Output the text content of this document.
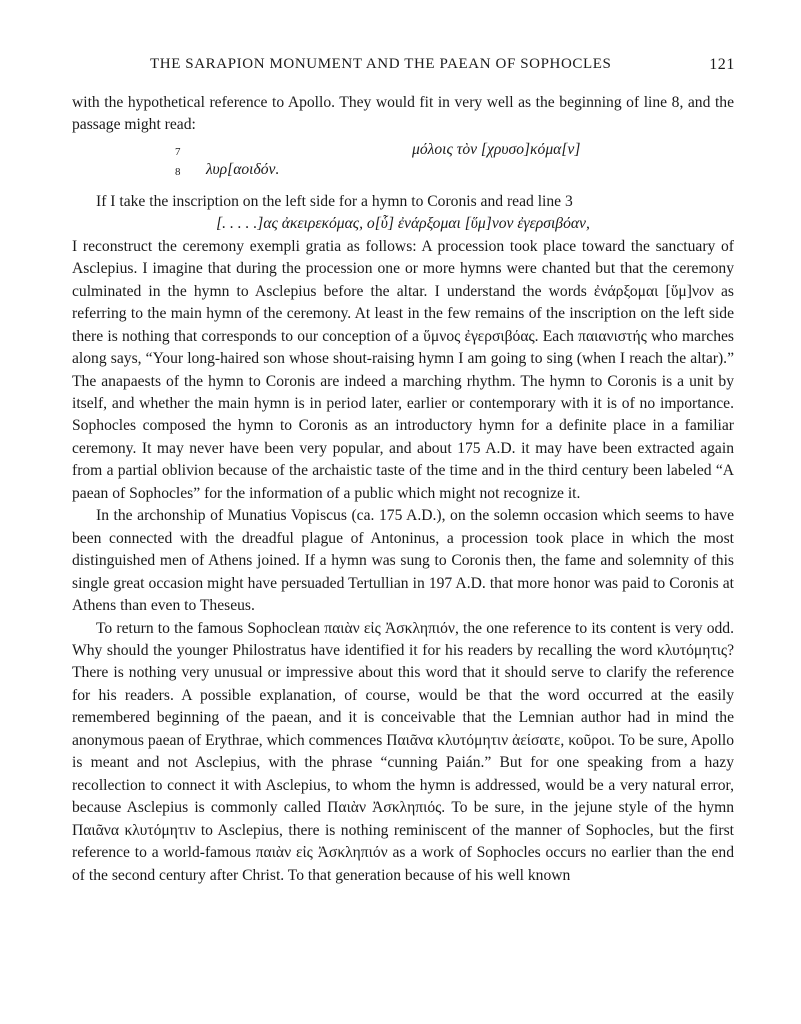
THE SARAPION MONUMENT AND THE PAEAN OF SOPHOCLES	121

with the hypothetical reference to Apollo. They would fit in very well as the beginning of line 8, and the passage might read:

7	μόλοις τὸν [χρυσο]κόμα[ν]
8 λυρ[αοιδόν.

If I take the inscription on the left side for a hymn to Coronis and read line 3

[. . . . .]ας ἀκειρεκόμας, ο[ὗ] ἐνάρξομαι [ὕμ]νον ἐγερσιβόαν,

I reconstruct the ceremony exempli gratia as follows: A procession took place toward the sanctuary of Asclepius. I imagine that during the procession one or more hymns were chanted but that the ceremony culminated in the hymn to Asclepius before the altar. I understand the words ἐνάρξομαι [ὕμ]νον as referring to the main hymn of the ceremony. At least in the few remains of the inscription on the left side there is nothing that corresponds to our conception of a ὕμνος ἐγερσιβόας. Each παιανιστής who marches along says, “Your long-haired son whose shout-raising hymn I am going to sing (when I reach the altar).” The anapaests of the hymn to Coronis are indeed a marching rhythm. The hymn to Coronis is a unit by itself, and whether the main hymn is in period later, earlier or contemporary with it is of no importance. Sophocles composed the hymn to Coronis as an introductory hymn for a definite place in a familiar ceremony. It may never have been very popular, and about 175 A.D. it may have been extracted again from a partial oblivion because of the archaistic taste of the time and in the third century been labeled “A paean of Sophocles” for the information of a public which might not recognize it.

In the archonship of Munatius Vopiscus (ca. 175 A.D.), on the solemn occasion which seems to have been connected with the dreadful plague of Antoninus, a procession took place in which the most distinguished men of Athens joined. If a hymn was sung to Coronis then, the fame and solemnity of this single great occasion might have persuaded Tertullian in 197 A.D. that more honor was paid to Coronis at Athens than even to Theseus.

To return to the famous Sophoclean παιὰν εἰς Ἀσκληπιόν, the one reference to its content is very odd. Why should the younger Philostratus have identified it for his readers by recalling the word κλυτόμητις? There is nothing very unusual or impressive about this word that it should serve to clarify the reference for his readers. A possible explanation, of course, would be that the word occurred at the easily remembered beginning of the paean, and it is conceivable that the Lemnian author had in mind the anonymous paean of Erythrae, which commences Παιᾶνα κλυτόμητιν ἀείσατε, κοῦροι. To be sure, Apollo is meant and not Asclepius, with the phrase “cunning Paián.” But for one speaking from a hazy recollection to connect it with Asclepius, to whom the hymn is addressed, would be a very natural error, because Asclepius is commonly called Παιὰν Ἀσκληπιός. To be sure, in the jejune style of the hymn Παιᾶνα κλυτόμητιν to Asclepius, there is nothing reminiscent of the manner of Sophocles, but the first reference to a world-famous παιὰν εἰς Ἀσκληπιόν as a work of Sophocles occurs no earlier than the end of the second century after Christ. To that generation because of his well known
